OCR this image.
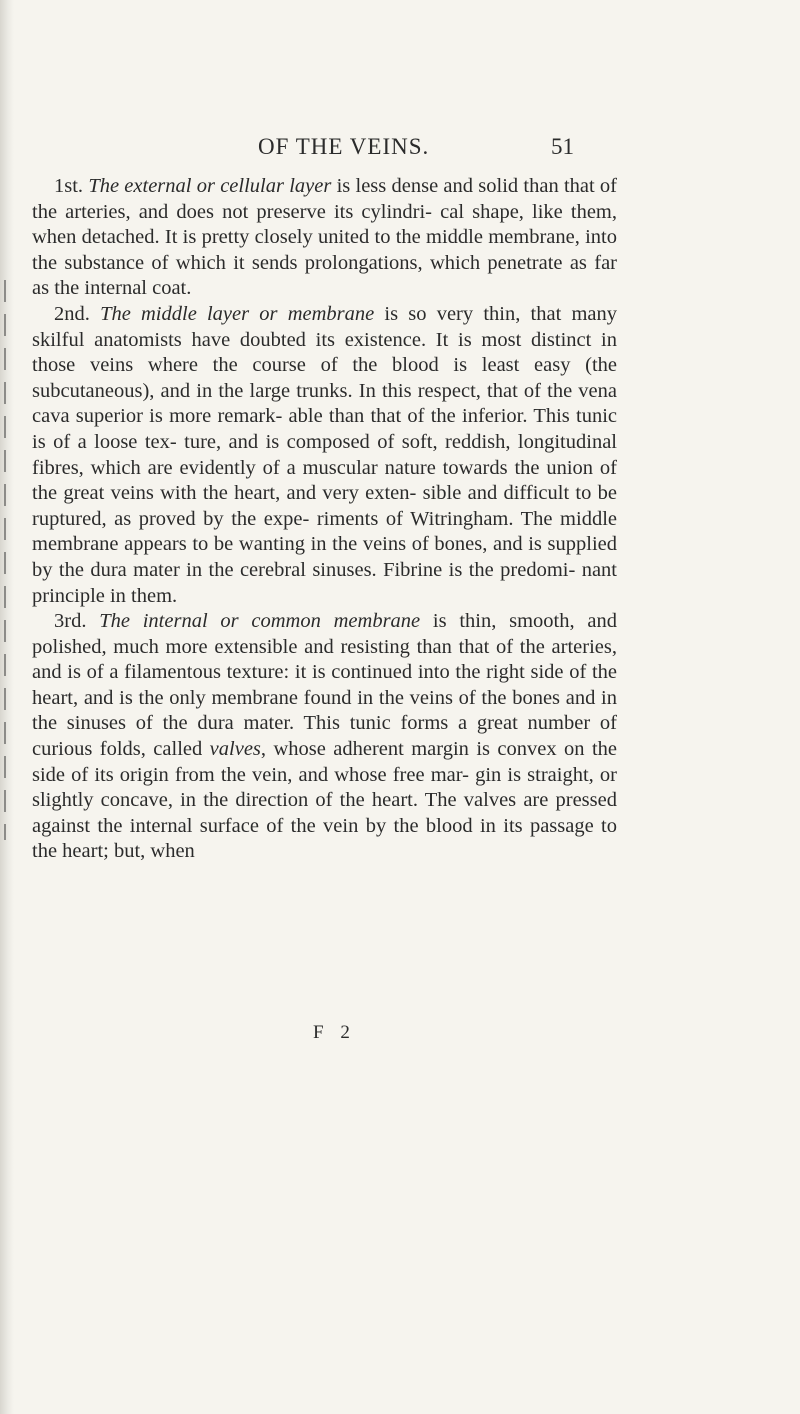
OF THE VEINS.	51

1st. The external or cellular layer is less dense and solid than that of the arteries, and does not preserve its cylindri- cal shape, like them, when detached. It is pretty closely united to the middle membrane, into the substance of which it sends prolongations, which penetrate as far as the internal coat.

2nd. The middle layer or membrane is so very thin, that many skilful anatomists have doubted its existence. It is most distinct in those veins where the course of the blood is least easy (the subcutaneous), and in the large trunks. In this respect, that of the vena cava superior is more remark- able than that of the inferior. This tunic is of a loose tex- ture, and is composed of soft, reddish, longitudinal fibres, which are evidently of a muscular nature towards the union of the great veins with the heart, and very exten- sible and difficult to be ruptured, as proved by the expe- riments of Witringham. The middle membrane appears to be wanting in the veins of bones, and is supplied by the dura mater in the cerebral sinuses. Fibrine is the predomi- nant principle in them.

3rd. The internal or common membrane is thin, smooth, and polished, much more extensible and resisting than that of the arteries, and is of a filamentous texture: it is continued into the right side of the heart, and is the only membrane found in the veins of the bones and in the sinuses of the dura mater. This tunic forms a great number of curious folds, called valves, whose adherent margin is convex on the side of its origin from the vein, and whose free mar- gin is straight, or slightly concave, in the direction of the heart. The valves are pressed against the internal surface of the vein by the blood in its passage to the heart; but, when

F 2
